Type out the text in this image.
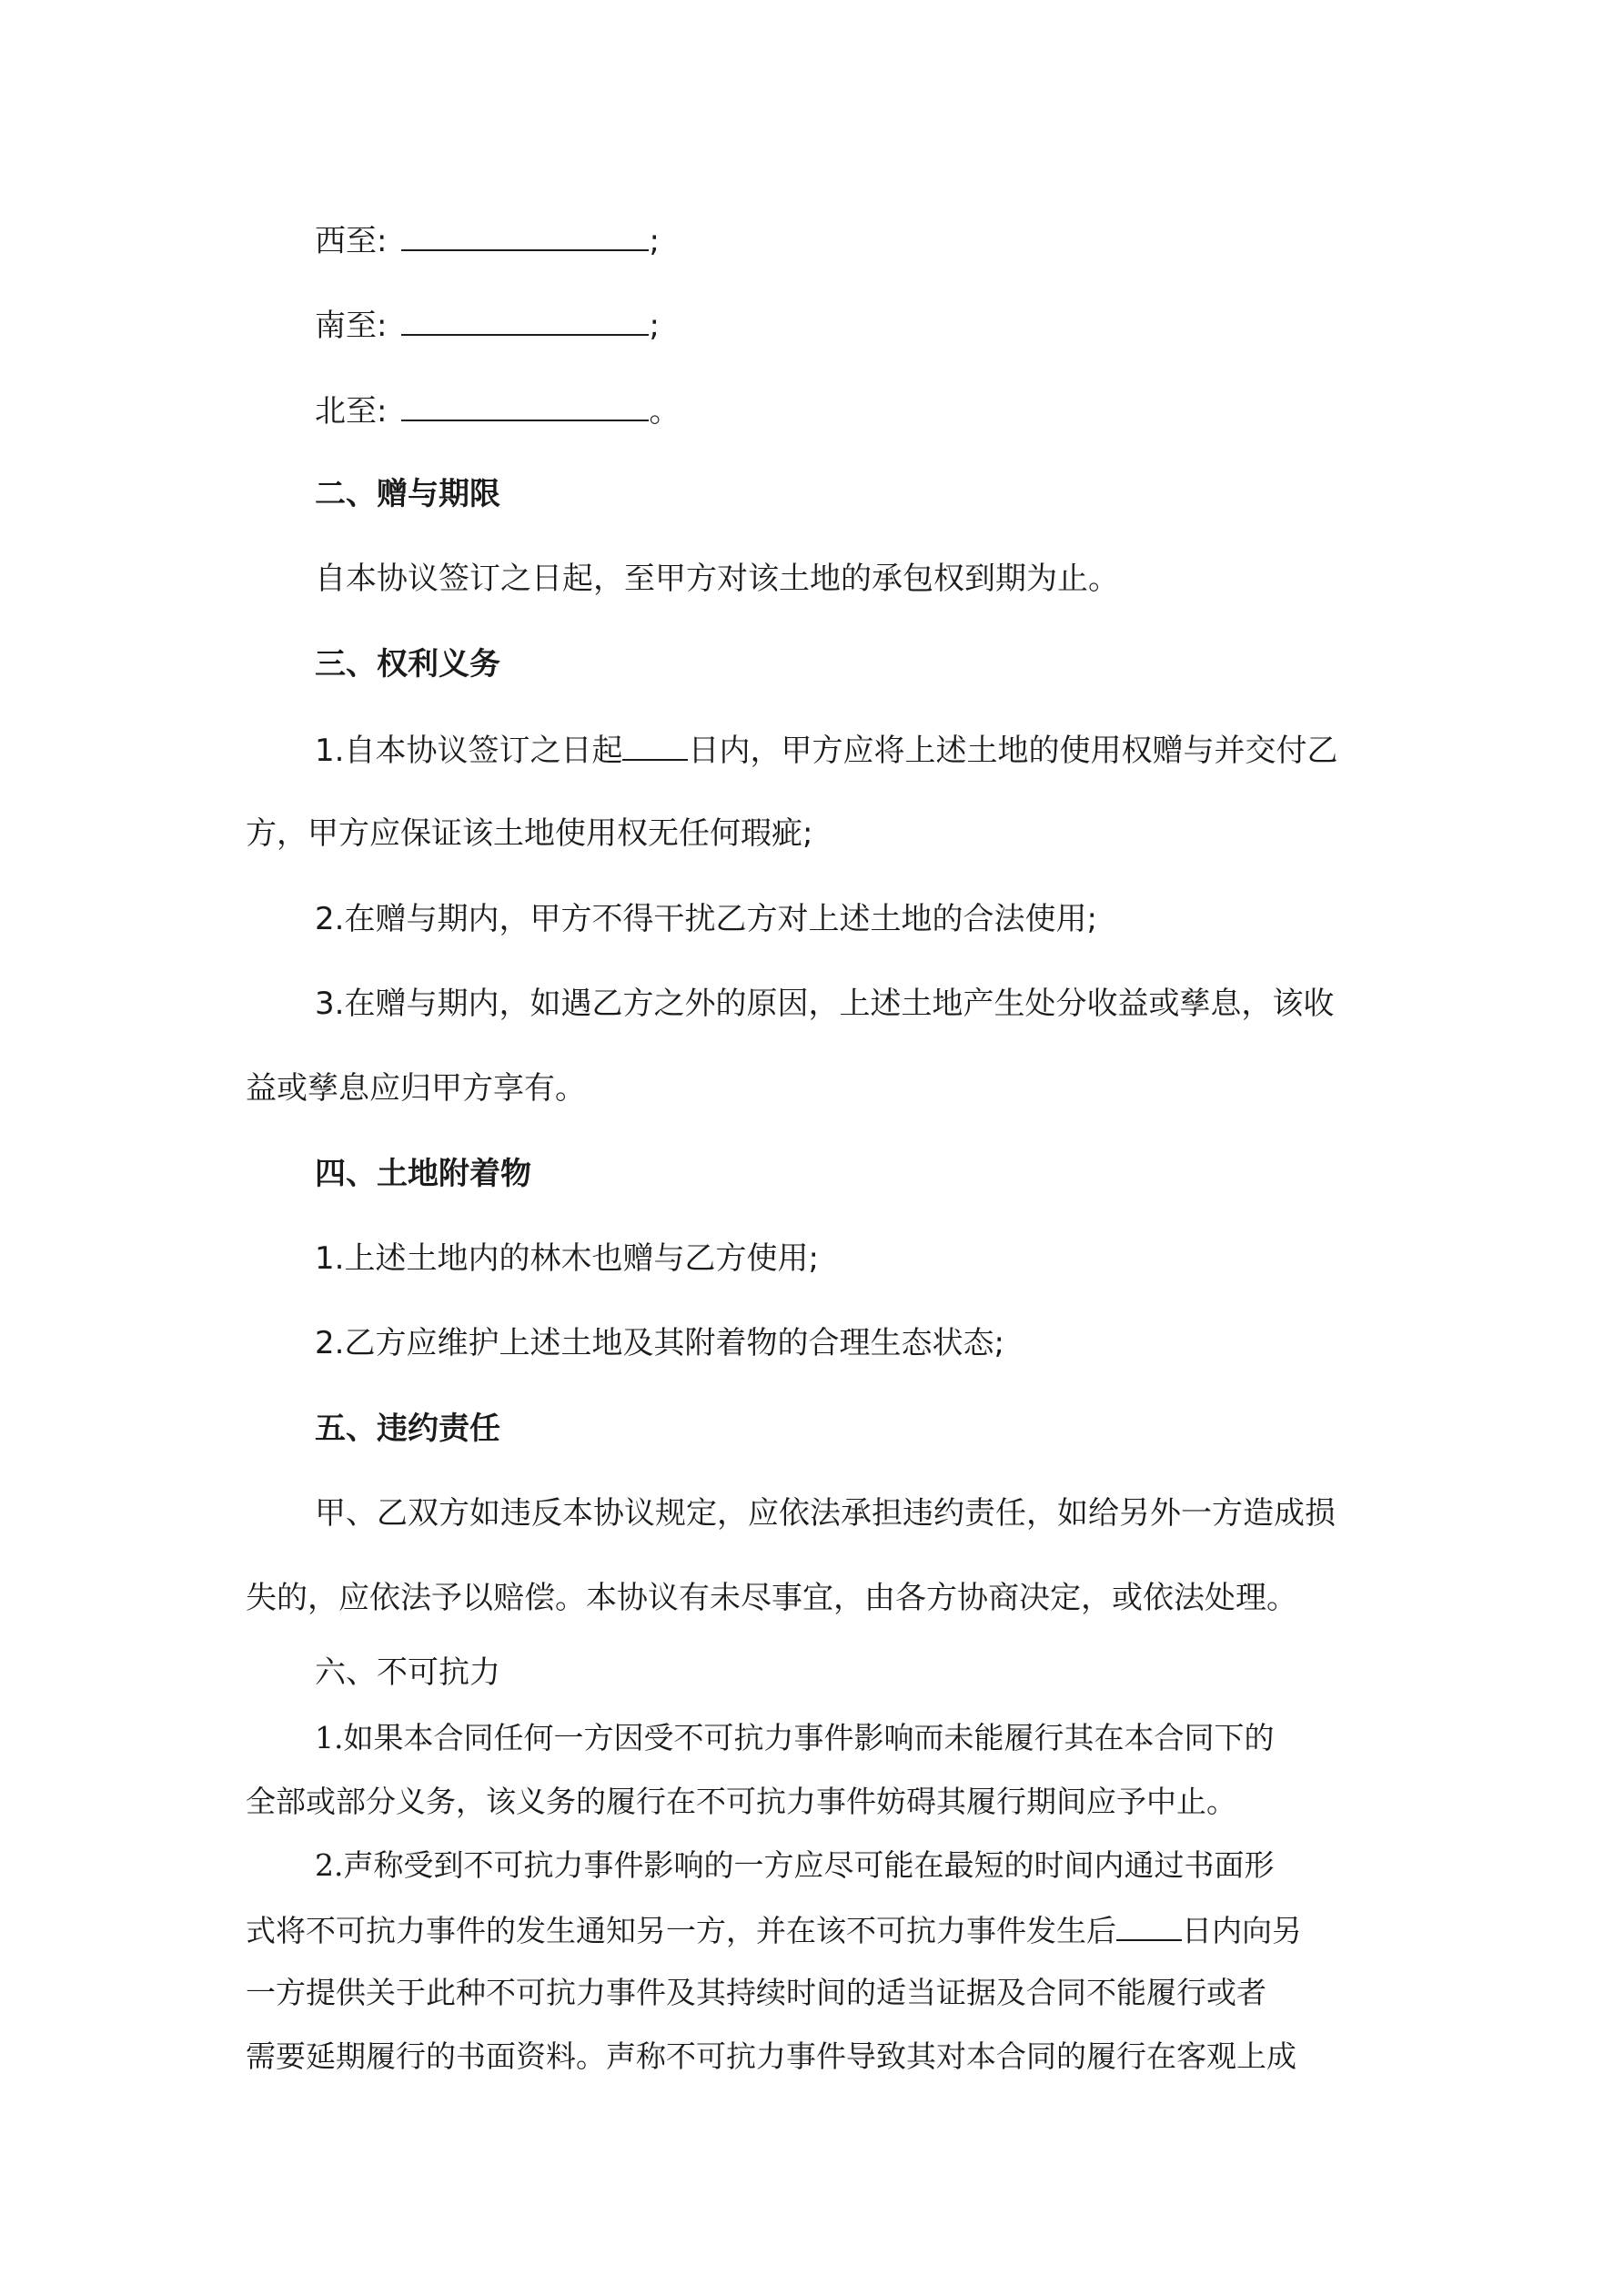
西至:	;
南至:	;
北至:	。
二、赠与期限
自本协议签订之日起，至甲方对该土地的承包权到期为止。
三、权利义务
1.自本协议签订之日起 日内，甲方应将上述土地的使用权赠与并交付乙
方，甲方应保证该土地使用权无任何瑕疵;
2.在赠与期内，甲方不得干扰乙方对上述土地的合法使用;
3.在赠与期内，如遇乙方之外的原因，上述土地产生处分收益或孳息，该收
益或孳息应归甲方享有。
四、土地附着物
1.上述土地内的林木也赠与乙方使用;
2.乙方应维护上述土地及其附着物的合理生态状态;
五、违约责任
甲、乙双方如违反本协议规定，应依法承担违约责任，如给另外一方造成损
失的，应依法予以赔偿。本协议有未尽事宜，由各方协商决定，或依法处理。
六、不可抗力
1.如果本合同任何一方因受不可抗力事件影响而未能履行其在本合同下的
全部或部分义务，该义务的履行在不可抗力事件妨碍其履行期间应予中止。
2.声称受到不可抗力事件影响的一方应尽可能在最短的时间内通过书面形
式将不可抗力事件的发生通知另一方，并在该不可抗力事件发生后 日内向另
一方提供关于此种不可抗力事件及其持续时间的适当证据及合同不能履行或者
需要延期履行的书面资料。声称不可抗力事件导致其对本合同的履行在客观上成
